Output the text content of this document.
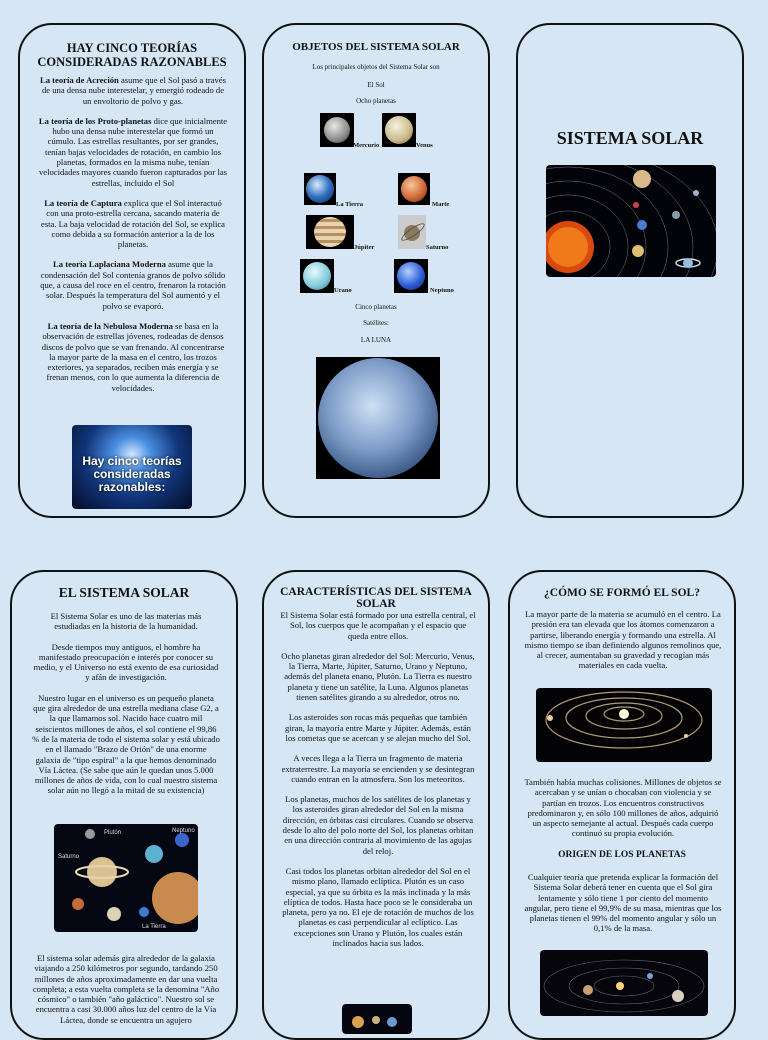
HAY CINCO TEORÍAS
CONSIDERADAS RAZONABLES

La teoría de Acreción asume que el Sol pasó a través de una densa nube interestelar, y emergió rodeado de un envoltorio de polvo y gas.

La teoría de los Proto-planetas dice que inicialmente hubo una densa nube interestelar que formó un cúmulo. Las estrellas resultantes, por ser grandes, tenían bajas velocidades de rotación, en cambio los planetas, formados en la misma nube, tenían velocidades mayores cuando fueron capturados por las estrellas, incluido el Sol

La teoría de Captura explica que el Sol interactuó con una proto-estrella cercana, sacando materia de esta. La baja velocidad de rotación del Sol, se explica como debida a su formación anterior a la de los planetas.

La teoría Laplaciana Moderna asume que la condensación del Sol contenía granos de polvo sólido que, a causa del roce en el centro, frenaron la rotación solar. Después la temperatura del Sol aumentó y el polvo se evaporó.

La teoría de la Nebulosa Moderna se basa en la observación de estrellas jóvenes, rodeadas de densos discos de polvo que se van frenando. Al concentrarse la mayor parte de la masa en el centro, los trozos exteriores, ya separados, reciben más energía y se frenan menos, con lo que aumenta la diferencia de velocidades.

Hay cinco teorías
consideradas
razonables:

OBJETOS DEL SISTEMA SOLAR

Los principales objetos del Sistema Solar son
El Sol
Ocho planetas
Mercurio	Venus
La Tierra	Marte
Júpiter	Saturno
Urano	Neptuno
Cinco planetas
Satélites:
LA LUNA
SISTEMA SOLAR

EL SISTEMA SOLAR

El Sistema Solar es uno de las materias más estudiadas en la historia de la humanidad.

Desde tiempos muy antiguos, el hombre ha manifestado preocupación e interés por conocer su medio, y el Universo no está exento de esa curiosidad y afán de investigación.

Nuestro lugar en el universo es un pequeño planeta que gira alrededor de una estrella mediana clase G2, a la que llamamos sol. Nacido hace cuatro mil seiscientos millones de años, el sol contiene el 99,86 % de la materia de todo el sistema solar y está ubicado en el llamado "Brazo de Orión" de una enorme galaxia de "tipo espiral" a la que hemos denominado Vía Láctea. (Se sabe que aún le quedan unos 5.000 millones de años de vida, con lo cual nuestro sistema solar aún no llegó a la mitad de su existencia)

Plutón	Neptuno
Saturno
La Tierra

El sistema solar además gira alrededor de la galaxia viajando a 250 kilómetros por segundo, tardando 250 millones de años aproximadamente en dar una vuelta completa; a esta vuelta completa se la denomina "Año cósmico" o también "año galáctico". Nuestro sol se encuentra a casi 30.000 años luz del centro de la Vía Láctea, donde se encuentra un agujero

CARACTERÍSTICAS DEL SISTEMA
SOLAR

El Sistema Solar está formado por una estrella central, el Sol, los cuerpos que le acompañan y el espacio que queda entre ellos.

Ocho planetas giran alrededor del Sol: Mercurio, Venus, la Tierra, Marte, Júpiter, Saturno, Urano y Neptuno, además del planeta enano, Plutón. La Tierra es nuestro planeta y tiene un satélite, la Luna. Algunos planetas tienen satélites girando a su alrededor, otros no.

Los asteroides son rocas más pequeñas que también giran, la mayoría entre Marte y Júpiter. Además, están los cometas que se acercan y se alejan mucho del Sol.

A veces llega a la Tierra un fragmento de materia extraterrestre. La mayoría se encienden y se desintegran cuando entran en la atmosfera. Son los meteoritos.

Los planetas, muchos de los satélites de los planetas y los asteroides giran alrededor del Sol en la misma dirección, en órbitas casi circulares. Cuando se observa desde lo alto del polo norte del Sol, los planetas orbitan en una dirección contraria al movimiento de las agujas del reloj.

Casi todos los planetas orbitan alrededor del Sol en el mismo plano, llamado eclíptica. Plutón es un caso especial, ya que su órbita es la más inclinada y la más elíptica de todos. Hasta hace poco se le consideraba un planeta, pero ya no. El eje de rotación de muchos de los planetas es casi perpendicular al eclíptico. Las excepciones son Urano y Plutón, los cuales están inclinados hacia sus lados.

¿CÓMO SE FORMÓ EL SOL?

La mayor parte de la materia se acumuló en el centro. La presión era tan elevada que los átomos comenzaron a partirse, liberando energía y formando una estrella. Al mismo tiempo se iban definiendo algunos remolinos que, al crecer, aumentaban su gravedad y recogían más materiales en cada vuelta.

También había muchas colisiones. Millones de objetos se acercaban y se unían o chocaban con violencia y se partían en trozos. Los encuentros constructivos predominaron y, en sólo 100 millones de años, adquirió un aspecto semejante al actual. Después cada cuerpo continuó su propia evolución.

ORIGEN DE LOS PLANETAS

Cualquier teoría que pretenda explicar la formación del Sistema Solar deberá tener en cuenta que el Sol gira lentamente y sólo tiene 1 por ciento del momento angular, pero tiene el 99,9% de su masa, mientras que los planetas tienen el 99% del momento angular y sólo un 0,1% de la masa.
